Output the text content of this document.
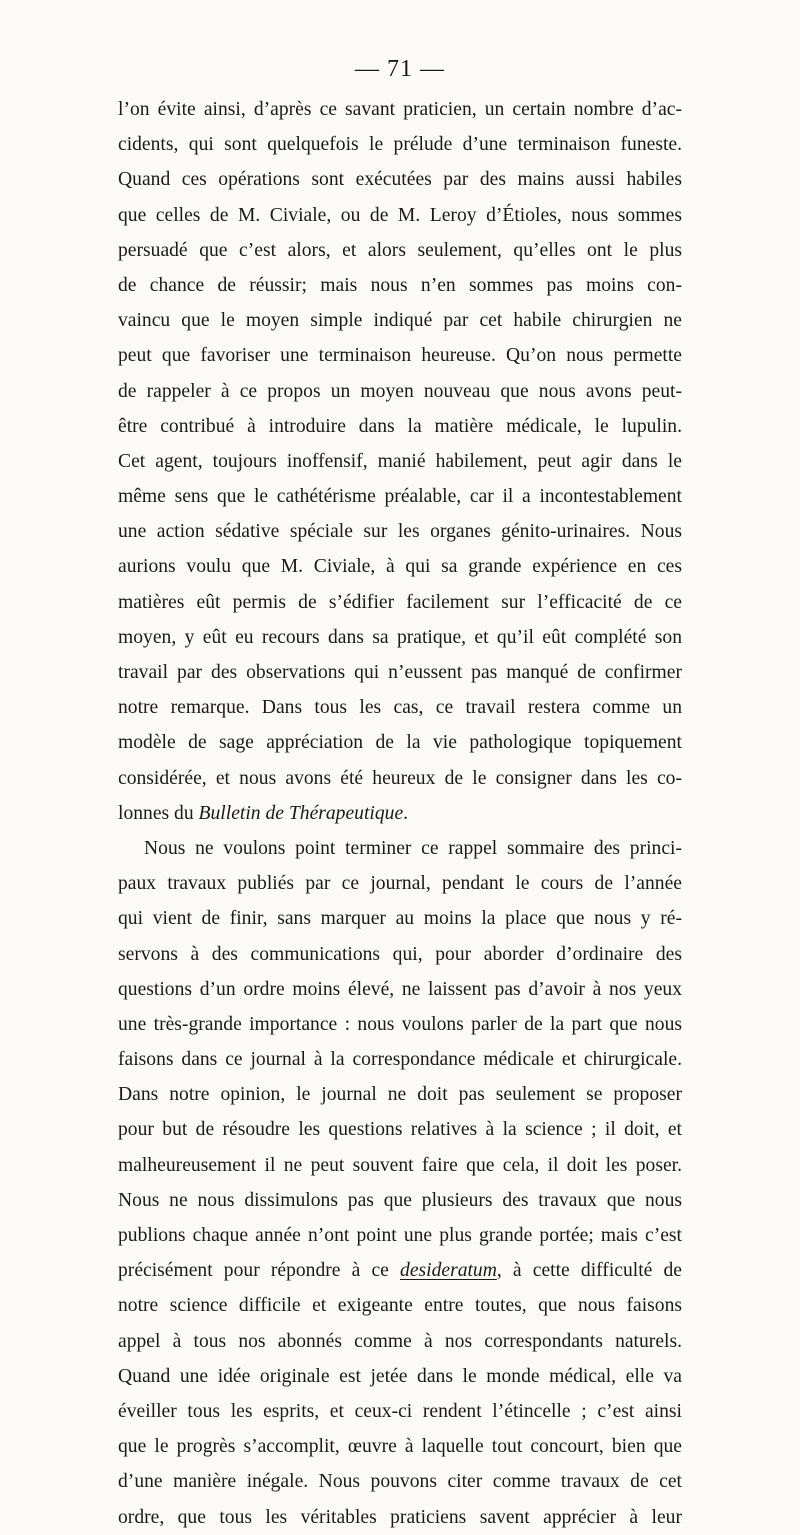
— 71 —
l’on évite ainsi, d’après ce savant praticien, un certain nombre d’ac-
cidents, qui sont quelquefois le prélude d’une terminaison funeste.
Quand ces opérations sont exécutées par des mains aussi habiles
que celles de M. Civiale, ou de M. Leroy d’Étioles, nous sommes
persuadé que c’est alors, et alors seulement, qu’elles ont le plus
de chance de réussir; mais nous n’en sommes pas moins con-
vaincu que le moyen simple indiqué par cet habile chirurgien ne
peut que favoriser une terminaison heureuse. Qu’on nous permette
de rappeler à ce propos un moyen nouveau que nous avons peut-
être contribué à introduire dans la matière médicale, le lupulin.
Cet agent, toujours inoffensif, manié habilement, peut agir dans le
même sens que le cathétérisme préalable, car il a incontestablement
une action sédative spéciale sur les organes génito-urinaires. Nous
aurions voulu que M. Civiale, à qui sa grande expérience en ces
matières eût permis de s’édifier facilement sur l’efficacité de ce
moyen, y eût eu recours dans sa pratique, et qu’il eût complété son
travail par des observations qui n’eussent pas manqué de confirmer
notre remarque. Dans tous les cas, ce travail restera comme un
modèle de sage appréciation de la vie pathologique topiquement
considérée, et nous avons été heureux de le consigner dans les co-
lonnes du Bulletin de Thérapeutique.
Nous ne voulons point terminer ce rappel sommaire des princi-
paux travaux publiés par ce journal, pendant le cours de l’année
qui vient de finir, sans marquer au moins la place que nous y ré-
servons à des communications qui, pour aborder d’ordinaire des
questions d’un ordre moins élevé, ne laissent pas d’avoir à nos yeux
une très-grande importance : nous voulons parler de la part que nous
faisons dans ce journal à la correspondance médicale et chirurgicale.
Dans notre opinion, le journal ne doit pas seulement se proposer
pour but de résoudre les questions relatives à la science ; il doit, et
malheureusement il ne peut souvent faire que cela, il doit les poser.
Nous ne nous dissimulons pas que plusieurs des travaux que nous
publions chaque année n’ont point une plus grande portée; mais c’est
précisément pour répondre à ce desideratum, à cette difficulté de
notre science difficile et exigeante entre toutes, que nous faisons
appel à tous nos abonnés comme à nos correspondants naturels.
Quand une idée originale est jetée dans le monde médical, elle va
éveiller tous les esprits, et ceux-ci rendent l’étincelle ; c’est ainsi
que le progrès s’accomplit, œuvre à laquelle tout concourt, bien que
d’une manière inégale. Nous pouvons citer comme travaux de cet
ordre, que tous les véritables praticiens savent apprécier à leur
